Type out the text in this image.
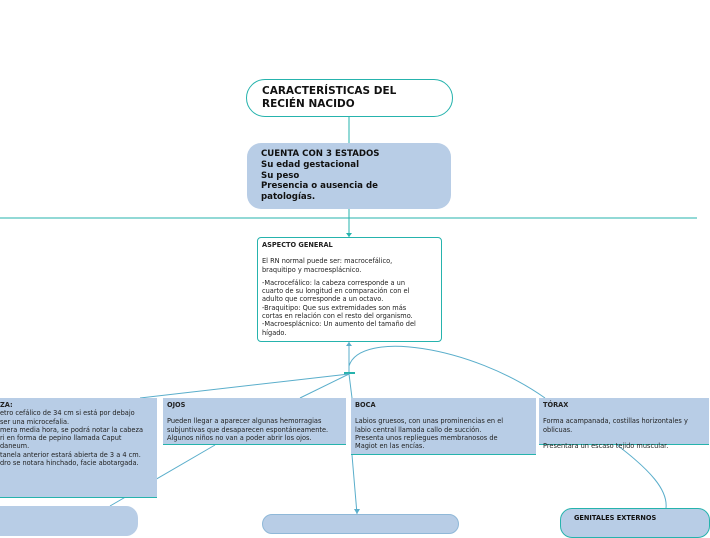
CARACTERÍSTICAS DEL
RECIÉN NACIDO
CUENTA CON 3 ESTADOS
Su edad gestacional
Su peso
Presencia o ausencia de
patologías.
ASPECTO GENERAL

El RN normal puede ser: macrocefálico,
braquitipo y macroesplácnico.

-Macrocefálico: la cabeza corresponde a un
cuarto de su longitud en comparación con el
adulto que corresponde a un octavo.
-Braquitipo: Que sus extremidades son más
cortas en relación con el resto del organismo.
-Macroesplácnico: Un aumento del tamaño del
hígado.
ZA:
etro cefálico de 34 cm si está por debajo
ser una microcefalia.
mera media hora, se podrá notar la cabeza
ri en forma de pepino llamada Caput
daneum.
tanela anterior estará abierta de 3 a 4 cm.
dro se notara hinchado, facie abotargada.
OJOS
Pueden llegar a aparecer algunas hemorragias
subjuntivas que desaparecen espontáneamente.
Algunos niños no van a poder abrir los ojos.
BOCA
Labios gruesos, con unas prominencias en el
labio central llamada callo de succión.
Presenta unos repliegues membranosos de
Magiot en las encías.
TÓRAX
Forma acampanada, costillas horizontales y
oblicuas.

Presentara un escaso tejido muscular.
GENITALES EXTERNOS
